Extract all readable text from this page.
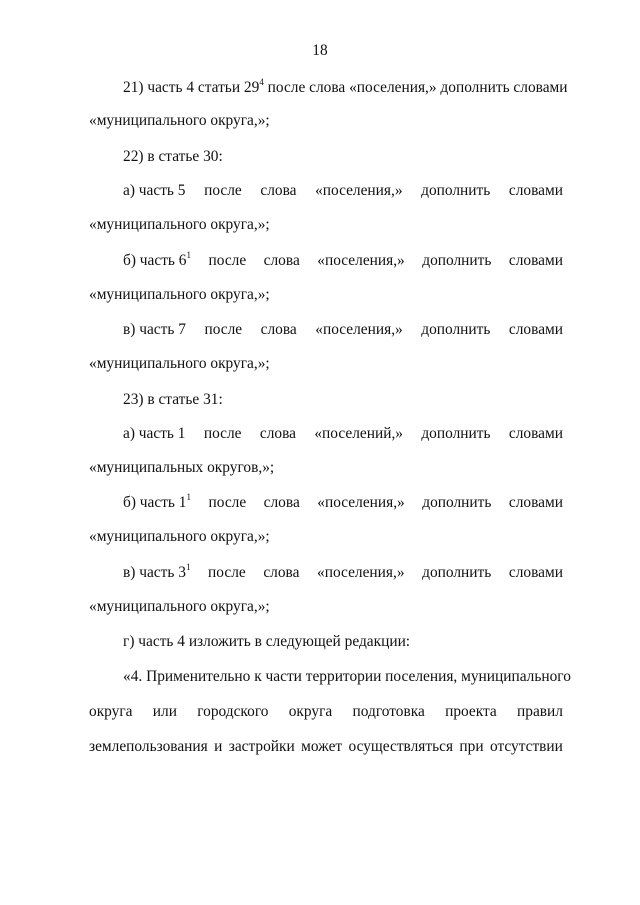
18
21) часть 4 статьи $29^4$ после слова «поселения,» дополнить словами
«муниципального округа,»;
22) в статье 30:
а) часть 5 после слова «поселения,» дополнить словами
«муниципального округа,»;
б) часть $6^1$ после слова «поселения,» дополнить словами
«муниципального округа,»;
в) часть 7 после слова «поселения,» дополнить словами
«муниципального округа,»;
23) в статье 31:
а) часть 1 после слова «поселений,» дополнить словами
«муниципальных округов,»;
б) часть $1^1$ после слова «поселения,» дополнить словами
«муниципального округа,»;
в) часть $3^1$ после слова «поселения,» дополнить словами
«муниципального округа,»;
г) часть 4 изложить в следующей редакции:
«4. Применительно к части территории поселения, муниципального
округа или городского округа подготовка проекта правил
землепользования и застройки может осуществляться при отсутствии
